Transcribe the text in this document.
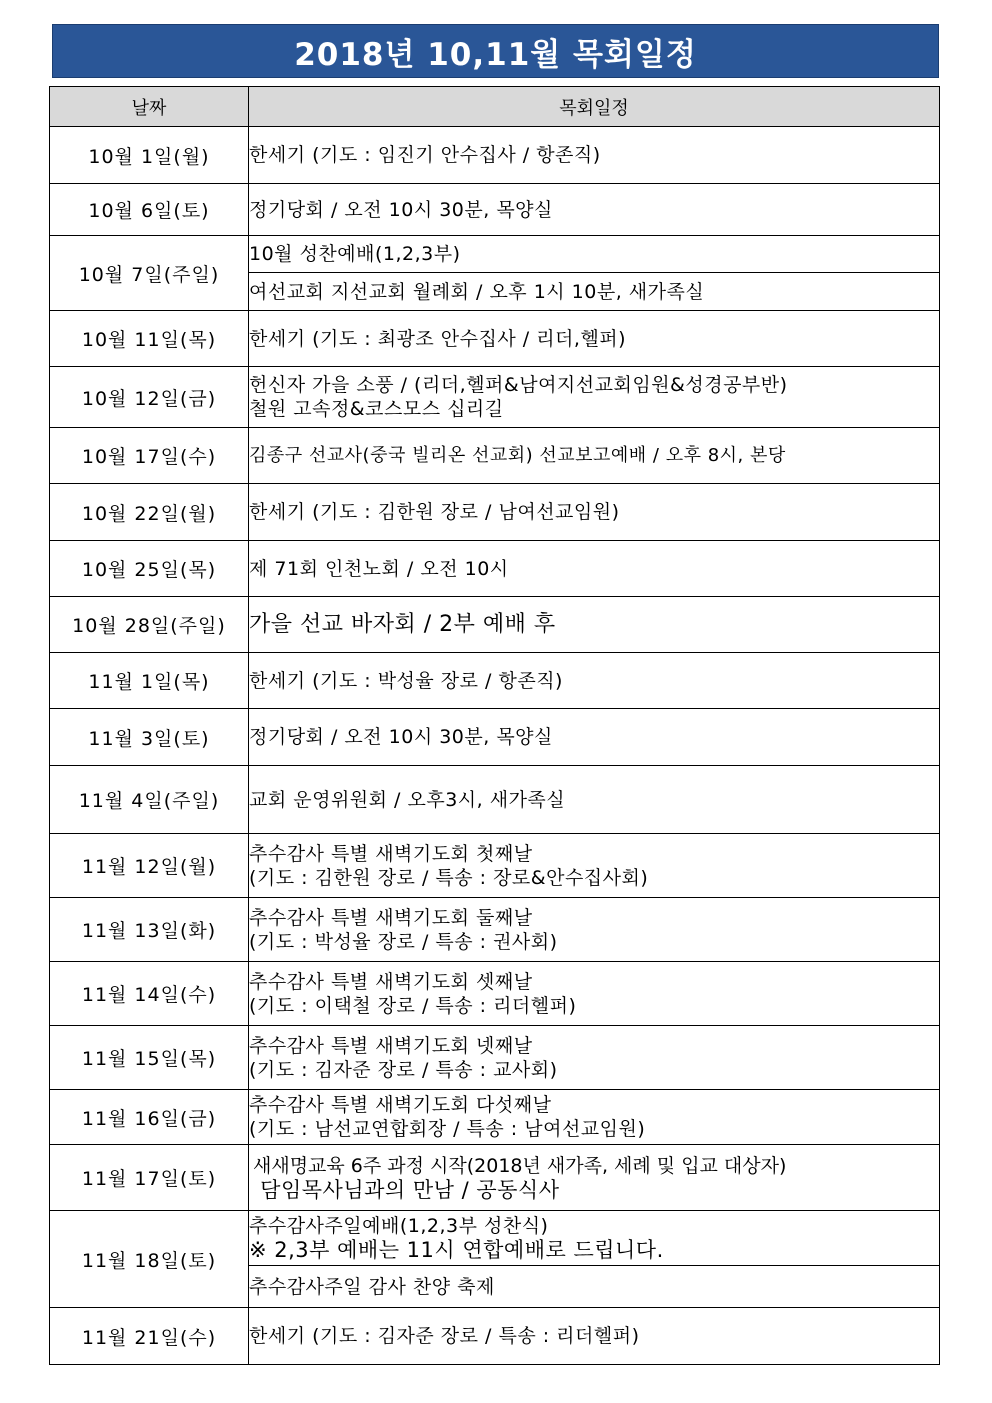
2018년 10,11월 목회일정
날짜	목회일정
10월 1일(월)	한세기 (기도 : 임진기 안수집사 / 항존직)

10월 6일(토)	정기당회 / 오전 10시 30분, 목양실

10월 7일(주일)	10월 성찬예배(1,2,3부)

	여선교회 지선교회 월례회 / 오후 1시 10분, 새가족실

10월 11일(목)	한세기 (기도 : 최광조 안수집사 / 리더,헬퍼)

10월 12일(금)	헌신자 가을 소풍 / (리더,헬퍼&남여지선교회임원&성경공부반)
철원 고속정&코스모스 십리길

10월 17일(수)	김종구 선교사(중국 빌리온 선교회) 선교보고예배 / 오후 8시, 본당

10월 22일(월)	한세기 (기도 : 김한원 장로 / 남여선교임원)

10월 25일(목)	제 71회 인천노회 / 오전 10시

10월 28일(주일)	가을 선교 바자회 / 2부 예배 후

11월 1일(목)	한세기 (기도 : 박성율 장로 / 항존직)

11월 3일(토)	정기당회 / 오전 10시 30분, 목양실

11월 4일(주일)	교회 운영위원회 / 오후3시, 새가족실

11월 12일(월)	추수감사 특별 새벽기도회 첫째날
(기도 : 김한원 장로 / 특송 : 장로&안수집사회)

11월 13일(화)	추수감사 특별 새벽기도회 둘째날
(기도 : 박성율 장로 / 특송 : 권사회)

11월 14일(수)	추수감사 특별 새벽기도회 셋째날
(기도 : 이택철 장로 / 특송 : 리더헬퍼)

11월 15일(목)	추수감사 특별 새벽기도회 넷째날
(기도 : 김자준 장로 / 특송 : 교사회)

11월 16일(금)	추수감사 특별 새벽기도회 다섯째날
(기도 : 남선교연합회장 / 특송 : 남여선교임원)

11월 17일(토)	새새명교육 6주 과정 시작(2018년 새가족, 세례 및 입교 대상자)
담임목사님과의 만남 / 공동식사

11월 18일(토)	추수감사주일예배(1,2,3부 성찬식)
※ 2,3부 예배는 11시 연합예배로 드립니다.

	추수감사주일 감사 찬양 축제

11월 21일(수)	한세기 (기도 : 김자준 장로 / 특송 : 리더헬퍼)
